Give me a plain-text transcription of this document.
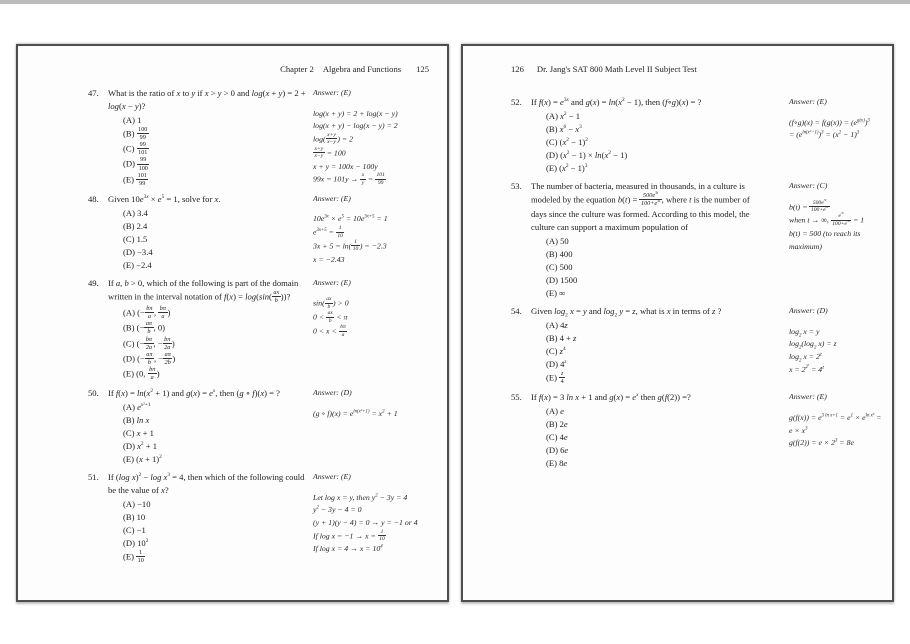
Chapter 2 Algebra and Functions 125
47.	What is the ratio of x to y if x > y > 0 and log(x + y) = 2 + log(x − y)?
(A) 1
$(B) \frac{100}{99}$
$(C) \frac{99}{101}$
$(D) \frac{99}{100}$
$(E) \frac{101}{99}$
Answer: (E)
log(x + y) = 2 + log(x − y)
log(x + y) − log(x − y) = 2
$\log( \frac{x+y}{x-y}$ ) = 2
$\frac{x+y}{x-y} = 100$
x + y = 100x − 100y
$99x = 101y \to \frac{x}{y} = \frac{101}{99}$
48.	Given $10e^{3x} \times e^5 = 1$, solve for x.
(A) 3.4
(B) 2.4
(C) 1.5
(D) −3.4
(E) −2.4
Answer: (E)
$10e^{3x} \times e^5 = 10e^{3x+5} = 1$
$e^{3x+5} = \frac{1}{10}$
$3x + 5 = \ln( \frac{1}{10}$ ) = −2.3
x = −2.43
49.	If a, b > 0, which of the following is part of the domain written in the interval notation of $f(x) = \log(\sin( \frac{ax}{b}$ ))?
(A) (− $\frac{b\pi}{a}$ , $\frac{b\pi}{a}$ )
(B) (− $\frac{a\pi}{b}$ , 0)
(C) (− $\frac{b\pi}{2a}$ , − $\frac{b\pi}{2a}$ )
(D) (− $\frac{a\pi}{b}$ , − $\frac{a\pi}{2b}$ )
(E) (0, $\frac{b\pi}{a}$ )
Answer: (E)
$\sin( \frac{ax}{b}$ ) > 0
$0 < \frac{ax}{b} < \pi$
$0 < x < \frac{b\pi}{a}$
50.	If $f(x) = \ln(x^2 + 1)$ and $g(x) = e^x$, then (g ∘ f)(x) = ?
(A) $e^{x^2+1}$
(B) ln x
(C) x + 1
(D) $x^2 + 1$
(E) $(x + 1)^2$
Answer: (D)
(g ∘ $f)(x) = e^{ln(x^2+1)} = x^2 + 1$
51.	If (log $x)^2 - \log x^3 = 4$, then which of the following could be the value of x?
(A) −10
(B) 10
(C) −1
(D) $10^2$
$(E) \frac{1}{10}$
Answer: (E)
Let log x = y, then $y^2 - 3y = 4$
$y^2 - 3y - 4 = 0$
(y + 1)(y − 4) = 0 → y = −1 or 4
If $\log x = -1 \to x = \frac{1}{10}$
If $\log x = 4 \to x = 10^4$
126 Dr. Jang's SAT 800 Math Level II Subject Test
52.	If $f(x) = e^{3x}$ and $g(x) = \ln(x^2 - 1)$, then (f∘g)(x) = ?
(A) $x^2 - 1$
(B) $x^6 - x^3$
(C) $(x^2 - 1)^2$
(D) $(x^2 - 1) \times \ln(x^2 - 1)$
(E) $(x^2 - 1)^3$
Answer: (E)
(f∘g)(x) = $f(g(x)) = (e^{g(x)})^3$
= $(e^{ln(x^2-1)})^3 = (x^2 - 1)^3$
53.	The number of bacteria, measured in thousands, in a culture is modeled by the equation $b(t) = \frac{500e^{3t}}{100+e^{3t}}$ , where t is the number of days since the culture was formed. According to this model, the culture can support a maximum population of
(A) 50
(B) 400
(C) 500
(D) 1500
(E) ∞
Answer: (C)
$b(t) = \frac{500e^{3t}}{100+e^{3t}}$
when t → ∞, $\frac{e^{3t}}{100+e^{3t}} = 1$
b(t) = 500 (to reach its maximum)
54.	Given $\log_2 x = y$ and $\log_2 y = z$, what is x in terms of z ?
(A) 4z
(B) 4 + z
(C) $z^4$
(D) 4$^z$
$(E) \frac{z}{4}$
Answer: (D)
$\log_2 x = y$
$\log_2(\log_2$ x) = z
$\log_2 x = 2^z$
$x = 2^{2^z} = 4^z$
55.	If f(x) = 3 ln x + 1 and $g(x) = e^x$ then g(f(2)) =?
(A) e
(B) 2e
(C) 4e
(D) 6e
(E) 8e
Answer: (E)
$g(f(x)) = e^{3 ln x+1} = e^1 \times e^{ln x^3} = e \times x^3$
$g(f(2)) = e \times 2^3 = 8e$
